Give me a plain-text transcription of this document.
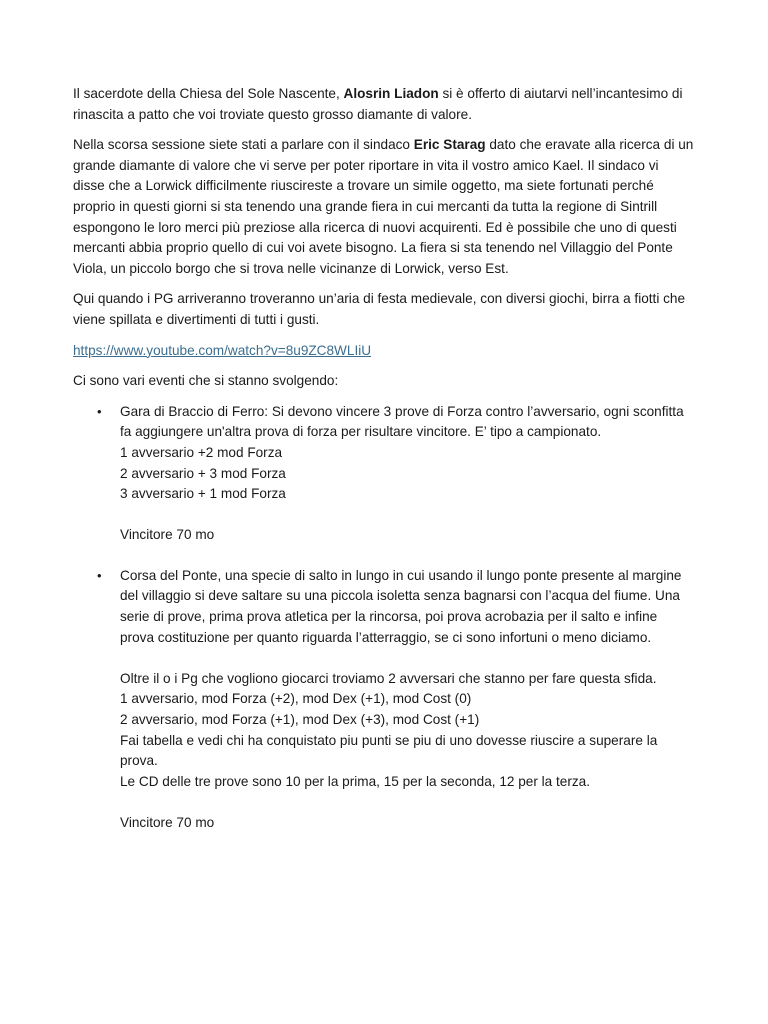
Il sacerdote della Chiesa del Sole Nascente, Alosrin Liadon si è offerto di aiutarvi nell’incantesimo di rinascita a patto che voi troviate questo grosso diamante di valore.

Nella scorsa sessione siete stati a parlare con il sindaco Eric Starag dato che eravate alla ricerca di un grande diamante di valore che vi serve per poter riportare in vita il vostro amico Kael. Il sindaco vi disse che a Lorwick difficilmente riuscireste a trovare un simile oggetto, ma siete fortunati perché proprio in questi giorni si sta tenendo una grande fiera in cui mercanti da tutta la regione di Sintrill espongono le loro merci più preziose alla ricerca di nuovi acquirenti. Ed è possibile che uno di questi mercanti abbia proprio quello di cui voi avete bisogno. La fiera si sta tenendo nel Villaggio del Ponte Viola, un piccolo borgo che si trova nelle vicinanze di Lorwick, verso Est.

Qui quando i PG arriveranno troveranno un’aria di festa medievale, con diversi giochi, birra a fiotti che viene spillata e divertimenti di tutti i gusti.

https://www.youtube.com/watch?v=8u9ZC8WLIiU

Ci sono vari eventi che si stanno svolgendo:

• Gara di Braccio di Ferro: Si devono vincere 3 prove di Forza contro l’avversario, ogni sconfitta fa aggiungere un'altra prova di forza per risultare vincitore. E’ tipo a campionato.
1 avversario +2 mod Forza
2 avversario + 3 mod Forza
3 avversario + 1 mod Forza
Vincitore 70 mo
• Corsa del Ponte, una specie di salto in lungo in cui usando il lungo ponte presente al margine del villaggio si deve saltare su una piccola isoletta senza bagnarsi con l’acqua del fiume. Una serie di prove, prima prova atletica per la rincorsa, poi prova acrobazia per il salto e infine prova costituzione per quanto riguarda l’atterraggio, se ci sono infortuni o meno diciamo.
Oltre il o i Pg che vogliono giocarci troviamo 2 avversari che stanno per fare questa sfida.
1 avversario, mod Forza (+2), mod Dex (+1), mod Cost (0)
2 avversario, mod Forza (+1), mod Dex (+3), mod Cost (+1)
Fai tabella e vedi chi ha conquistato piu punti se piu di uno dovesse riuscire a superare la prova.
Le CD delle tre prove sono 10 per la prima, 15 per la seconda, 12 per la terza.
Vincitore 70 mo
